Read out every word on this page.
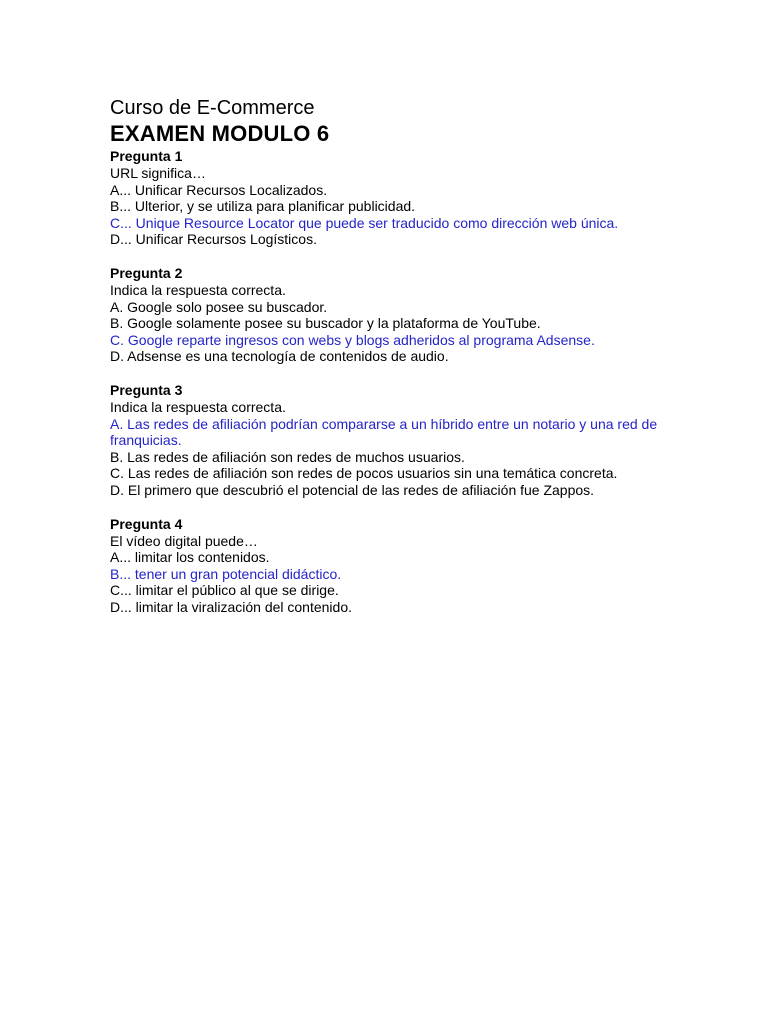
Curso de E-Commerce
EXAMEN MODULO 6

Pregunta 1

URL significa…

A... Unificar Recursos Localizados.

B... Ulterior, y se utiliza para planificar publicidad.

C... Unique Resource Locator que puede ser traducido como dirección web única.

D... Unificar Recursos Logísticos.

Pregunta 2

Indica la respuesta correcta.

A. Google solo posee su buscador.

B. Google solamente posee su buscador y la plataforma de YouTube.

C. Google reparte ingresos con webs y blogs adheridos al programa Adsense.

D. Adsense es una tecnología de contenidos de audio.

Pregunta 3

Indica la respuesta correcta.

A. Las redes de afiliación podrían compararse a un híbrido entre un notario y una red de franquicias.

B. Las redes de afiliación son redes de muchos usuarios.

C. Las redes de afiliación son redes de pocos usuarios sin una temática concreta.

D. El primero que descubrió el potencial de las redes de afiliación fue Zappos.

Pregunta 4

El vídeo digital puede…

A... limitar los contenidos.

B... tener un gran potencial didáctico.

C... limitar el público al que se dirige.

D... limitar la viralización del contenido.
